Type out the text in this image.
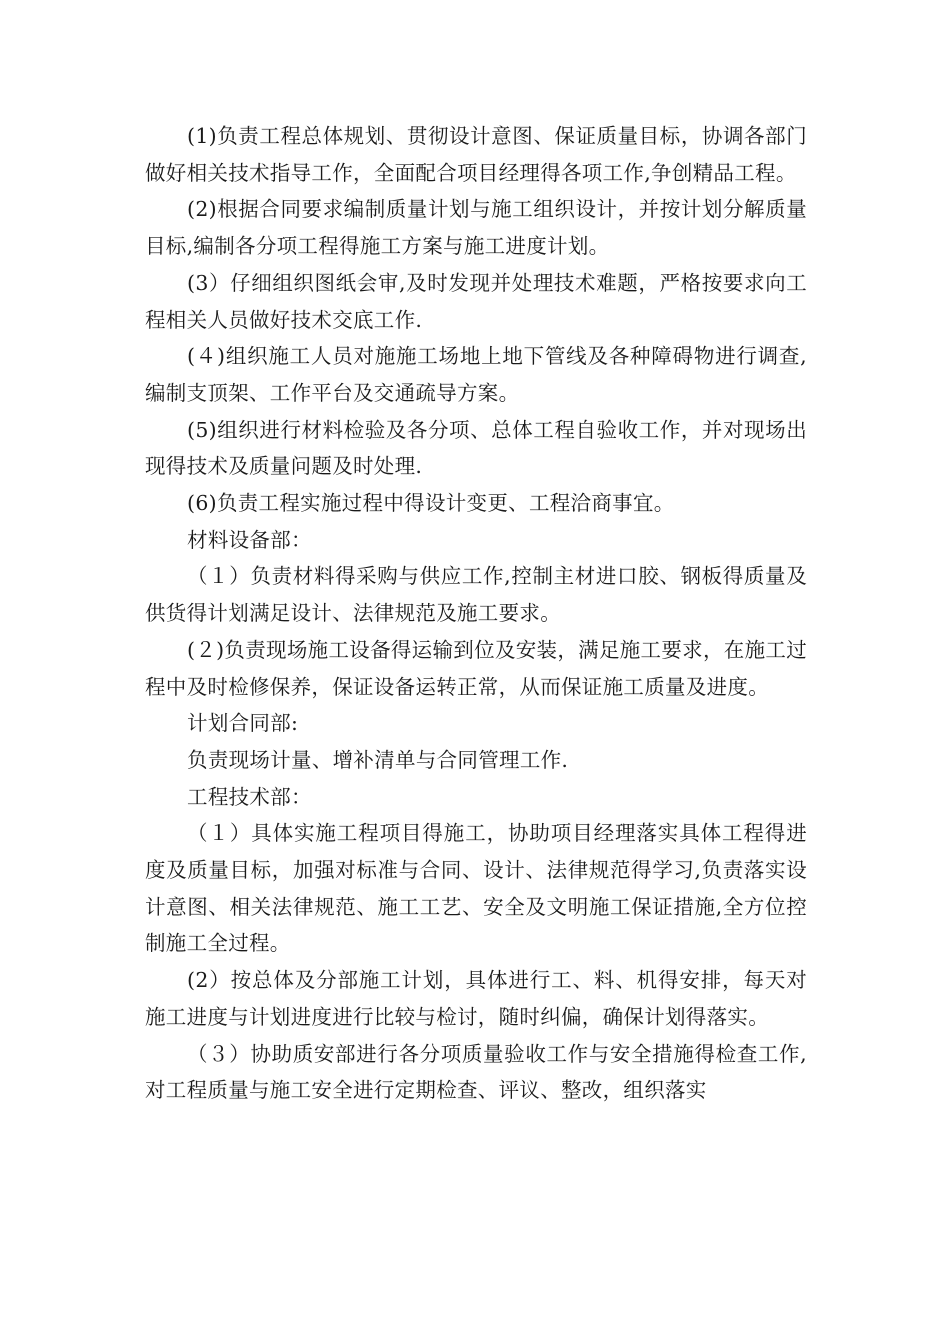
(1)负责工程总体规划、贯彻设计意图、保证质量目标，协调各部门做好相关技术指导工作，全面配合项目经理得各项工作,争创精品工程。

(2)根据合同要求编制质量计划与施工组织设计，并按计划分解质量目标,编制各分项工程得施工方案与施工进度计划。

(3）仔细组织图纸会审,及时发现并处理技术难题，严格按要求向工程相关人员做好技术交底工作.

(４)组织施工人员对施施工场地上地下管线及各种障碍物进行调查,编制支顶架、工作平台及交通疏导方案。

(5)组织进行材料检验及各分项、总体工程自验收工作，并对现场出现得技术及质量问题及时处理.

(6)负责工程实施过程中得设计变更、工程洽商事宜。

材料设备部：

（１）负责材料得采购与供应工作,控制主材进口胶、钢板得质量及供货得计划满足设计、法律规范及施工要求。

(２)负责现场施工设备得运输到位及安装，满足施工要求，在施工过程中及时检修保养，保证设备运转正常，从而保证施工质量及进度。

计划合同部:

负责现场计量、增补清单与合同管理工作.

工程技术部：

（１）具体实施工程项目得施工，协助项目经理落实具体工程得进度及质量目标，加强对标准与合同、设计、法律规范得学习,负责落实设计意图、相关法律规范、施工工艺、安全及文明施工保证措施,全方位控制施工全过程。

(2）按总体及分部施工计划，具体进行工、料、机得安排，每天对施工进度与计划进度进行比较与检讨，随时纠偏，确保计划得落实。

（３）协助质安部进行各分项质量验收工作与安全措施得检查工作,对工程质量与施工安全进行定期检查、评议、整改，组织落实
